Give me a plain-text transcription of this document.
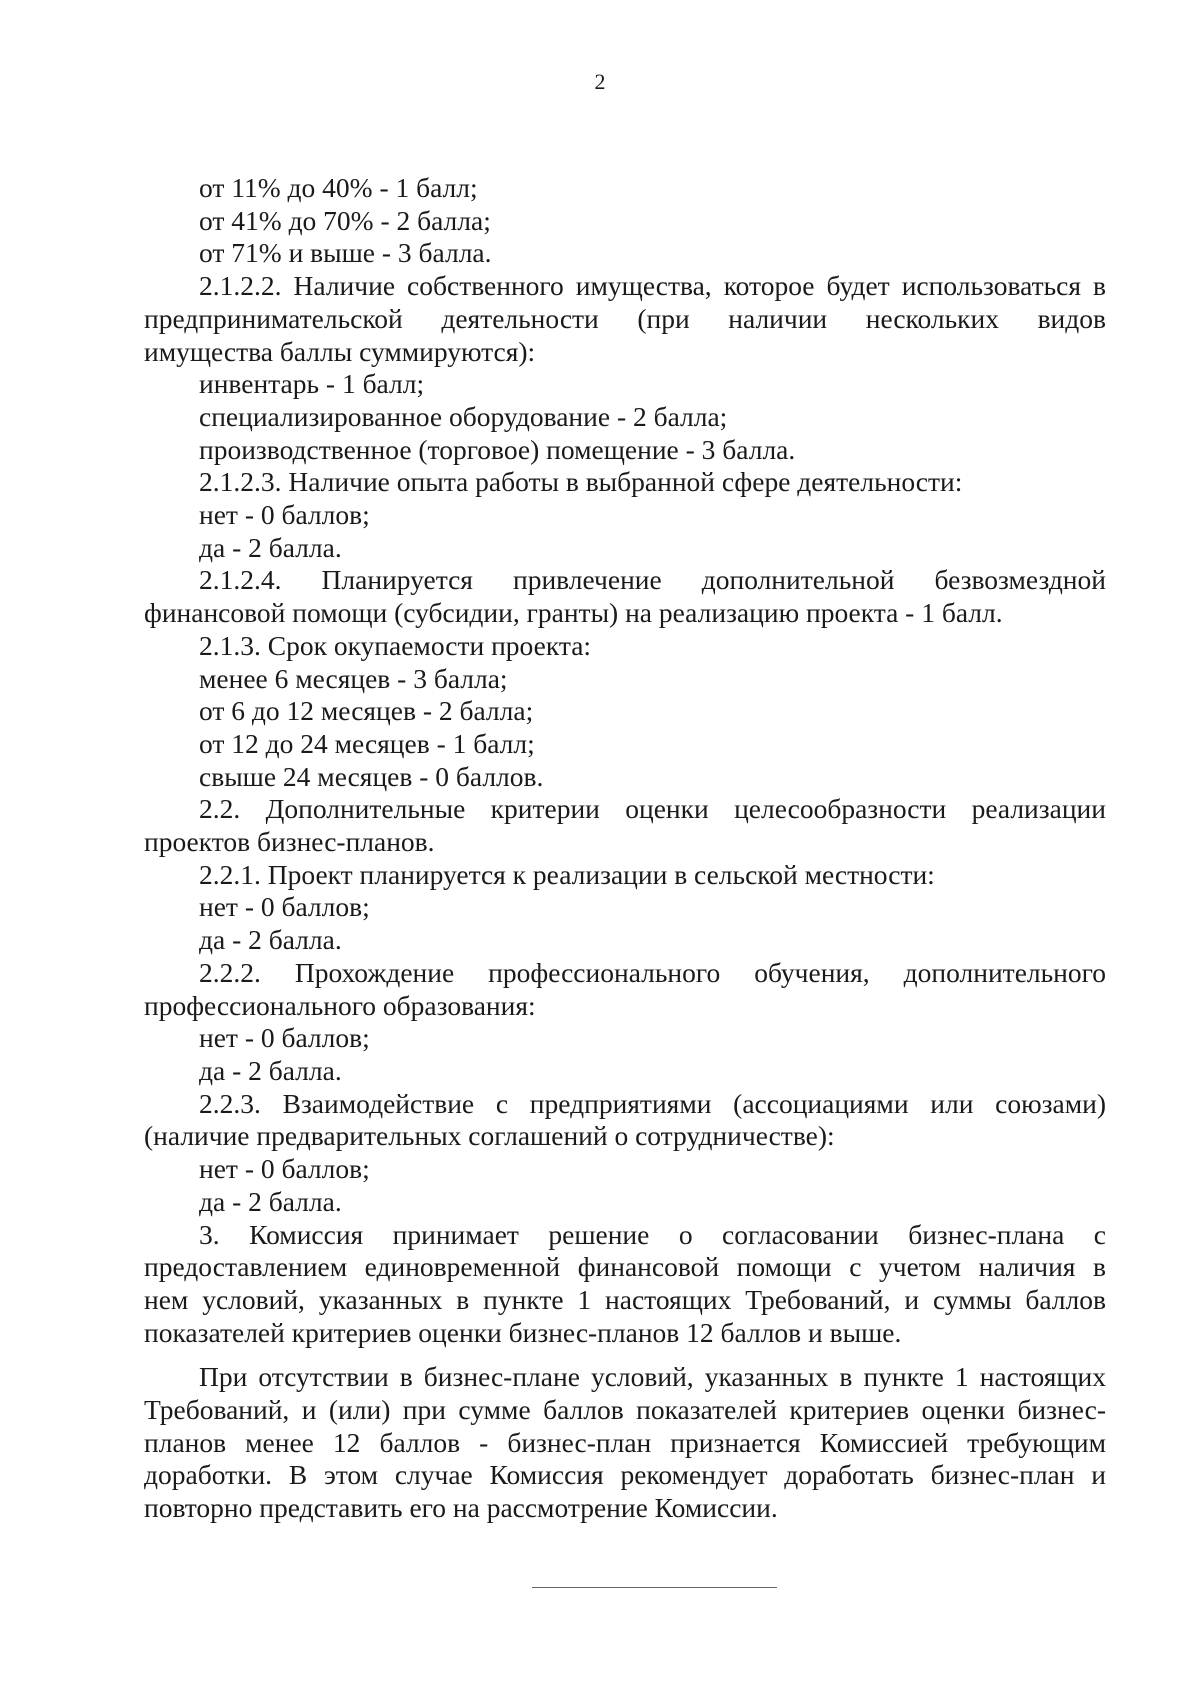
2
от 11% до 40% - 1 балл;
от 41% до 70% - 2 балла;
от 71% и выше - 3 балла.
2.1.2.2. Наличие собственного имущества, которое будет использоваться в
предпринимательской деятельности (при наличии нескольких видов
имущества баллы суммируются):
инвентарь - 1 балл;
специализированное оборудование - 2 балла;
производственное (торговое) помещение - 3 балла.
2.1.2.3. Наличие опыта работы в выбранной сфере деятельности:
нет - 0 баллов;
да - 2 балла.
2.1.2.4. Планируется привлечение дополнительной безвозмездной
финансовой помощи (субсидии, гранты) на реализацию проекта - 1 балл.
2.1.3. Срок окупаемости проекта:
менее 6 месяцев - 3 балла;
от 6 до 12 месяцев - 2 балла;
от 12 до 24 месяцев - 1 балл;
свыше 24 месяцев - 0 баллов.
2.2. Дополнительные критерии оценки целесообразности реализации
проектов бизнес-планов.
2.2.1. Проект планируется к реализации в сельской местности:
нет - 0 баллов;
да - 2 балла.
2.2.2. Прохождение профессионального обучения, дополнительного
профессионального образования:
нет - 0 баллов;
да - 2 балла.
2.2.3. Взаимодействие с предприятиями (ассоциациями или союзами)
(наличие предварительных соглашений о сотрудничестве):
нет - 0 баллов;
да - 2 балла.
3. Комиссия принимает решение о согласовании бизнес-плана с
предоставлением единовременной финансовой помощи с учетом наличия в
нем условий, указанных в пункте 1 настоящих Требований, и суммы баллов
показателей критериев оценки бизнес-планов 12 баллов и выше.
При отсутствии в бизнес-плане условий, указанных в пункте 1 настоящих
Требований, и (или) при сумме баллов показателей критериев оценки бизнес-
планов менее 12 баллов - бизнес-план признается Комиссией требующим
доработки. В этом случае Комиссия рекомендует доработать бизнес-план и
повторно представить его на рассмотрение Комиссии.
